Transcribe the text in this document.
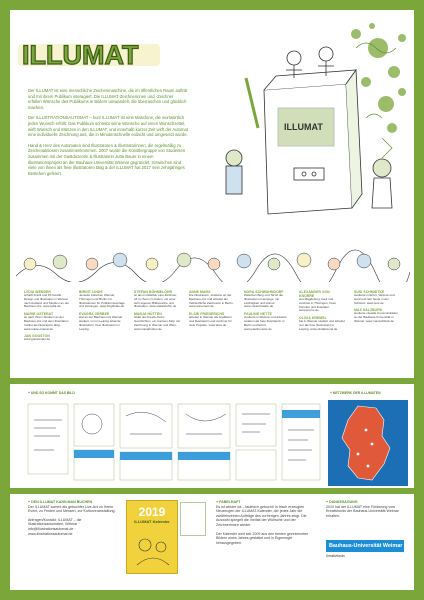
ILLUMAT

Der ILLUMAT ist eine menschliche Zeichenmaschine, die im öffentlichen Raum auftritt und mit ihrem Publikum interagiert. Die ILLUMAT-Zeichnerinnen und -Zeichner erfüllen Wünsche des Publikums in Bildern umwandelt, die überraschen und glücklich machen.

Der ILLUSTRATIONSAUTOMAT – kurz ILLUMAT ist eine Maschine, die wortwörtlich jeden Wunsch erfüllt: Das Publikum schreibt seine Wünsche auf einen Wunschzettel, wirft Wunsch und Münzen in den ILLUMAT, und innerhalb kurzer Zeit wirft der Automat eine individuelle Zeichnung aus, die in Minutenschnelle erdacht und umgesetzt wurde.

Hand & Herz des Automaten sind Illustratoren & Illustratorinnen, die regelmäßig zu Zeichenaktionen zusammenkommen. 2007 wurde die Künstlergruppe von Studenten zusammen mit der Gastdozentin & Illustratorin Jutta Bauer in einem Illustrationsprojekt an der Bauhaus-Universität Weimar gegründet. Inzwischen sind viele von ihnen als freie Illustratoren tätig & der ILLUMAT hat 2017 sein zehnjähriges Bestehen gefeiert.

ILLUMAT
LYDIA WENDER
schafft Frank und Pit Giraffe Design und Illustration in Weimar nach Ausland und Studium an der Bauhaus-Uni, www.lydia.de
MARIE OSTERAT
ist nach ihrem Studium an der Bauhaus-Uni und dem Illustration Institut als Illustratorin tätig. www.marie-osterat.de
JAN GOUSTON
www.goustonjan.de
BIRGIT LINDE
Jenseits zwischen Weimar, Thüringen und Berlin mit Illustrationen für Publikumsverlage und Zeitungen. www.birgitlinde.de
EVAGRA VERBEE
Hat an der Bauhaus-Uni Weimar studiert, nun in Leipzig lebende Illustratorin, freie Illustratorin in Leipzig.
STEFAN BÖHMELÖHR
ist als unmittelbar eine Zeichner, oft im Team zu finden, mit einer sehr eigenen Bildsprache und Illustration. www.stefanbohm.de
MANJA HÜTTEN
bildet als Kreativ-Team Geschichten, ein Cartoon-Strip mit Zeichnung in Weimar und Wien. www.manjahutten.de
ANNE MARX
Die Illustratorin, studierte an der Bauhaus-Uni und arbeitet als freiberufliche Zeichnerin in Berlin. www.annemarx.de
ELSIE FRIEDERICHS
arbeitet in Weimar als Grafikerin und Illustratorin und zeichnet für viele Projekte. www.elsie.de
NORA SCHWAHNDORF
Zwischen Berg und Tal ist die Illustratorin unterwegs, mit Leichtigkeit und Humor. www.noraschwahn.de
PAULINE NETTE
studierte in Weimar und arbeitet seitdem als freie Illustratorin in Berlin und Erfurt. www.paulinenette.de
ALEXANDER VON KNORRE
aus Magdeburg, baut und zeichnet in Thüringen, freier Künstler und Illustrator. www.knorre.de
OLIVIA KREMEL
hat in Weimar studiert und arbeitet nun als freie Illustratorin in Leipzig. www.oliviakremel.de
SUSI SCHMIDTKE
studierte in Erfurt, Weimar und Genf und lebt heute in der Schweiz. www.susi.de
MAX SALZBURK
studierte visuelle Kommunikation an der Bauhaus-Universität in Weimar. www.maxsalzburk.de
+ UND SO KOMMT DAS BILD	+ NETZWERK DER ILLUMATEN
+ DEN ILLUMAT KANN MAN BUCHEN
Der ILLUMAT kommt als gebuchter Live-Act zu Ihrem Event, zu Festen und Messen, zur Kulturveranstaltung.
Anfragen/Kontakt: ILLUMAT – die Illustrationsautomaten, Weimar · info@illustrationsautomat.de · www.illustrationsautomat.de
2019
ILLUMAT Kalender
+ FABELHAFT
Es ist wieder da – taufrisch gebucht! In frisch erzeugten Neuzeugen der ILLUMAT-Kalender, der jedes Jahr die zwölfeinzelnen Aufträge des vorherigen Jahres zeigt. Die Auswahl spiegelt die Vielfalt der Wünsche und der Zeichnerinnen wieder.
Der Kalender wird seit 2009 aus den besten gezeichneten Bildern eines Jahres gestaltet und in Eigenregie herausgegeben.
+ DANKESAGUNG
2010 hat der ILLUMAT eine Förderung vom Kreativfonds der Bauhaus-Universität Weimar erhalten.
Bauhaus-Universität Weimar
Kreativfonds
